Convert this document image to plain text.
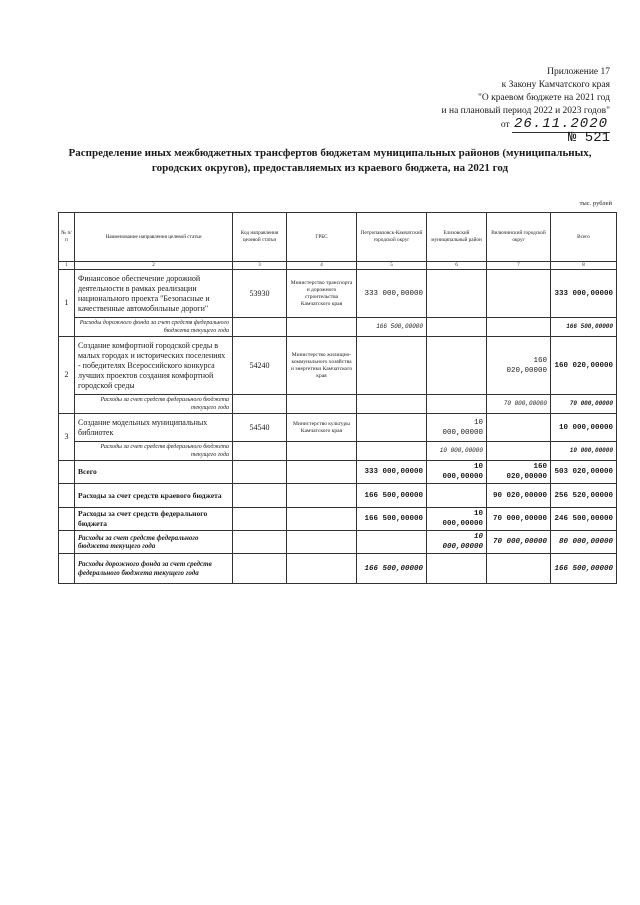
Приложение 17
к Закону Камчатского края
"О краевом бюджете на 2021 год
и на плановый период 2022 и 2023 годов"
от 26.11.2020
№ 521
Распределение иных межбюджетных трансфертов бюджетам муниципальных районов (муниципальных, городских округов), предоставляемых из краевого бюджета, на 2021 год
тыс. рублей
№ п/п	Наименование направления целевой статьи	Код направления целевой статьи	ГРБС	Петропавловск-Камчатский городской округ	Елизовский муниципальный район	Вилючинский городской округ	Всего
1	2	3	4	5	6	7	8
1	Финансовое обеспечение дорожной деятельности в рамках реализации национального проекта "Безопасные и качественные автомобильные дороги"	53930	Министерство транспорта и дорожного строительства Камчатского края	333 000,00000			333 000,00000
	Расходы дорожного фонда за счет средств федерального бюджета текущего года			166 500,00000			166 500,00000
2	Создание комфортной городской среды в малых городах и исторических поселениях - победителях Всероссийского конкурса лучших проектов создания комфортной городской среды	54240	Министерство жилищно-коммунального хозяйства и энергетики Камчатского края			160 020,00000	160 020,00000
	Расходы за счет средств федерального бюджета текущего года					70 000,00000	70 000,00000
3	Создание модельных муниципальных библиотек	54540	Министерство культуры Камчатского края		10 000,00000		10 000,00000
	Расходы за счет средств федерального бюджета текущего года				10 000,00000		10 000,00000
	Всего			333 000,00000	10 000,00000	160 020,00000	503 020,00000
	Расходы за счет средств краевого бюджета			166 500,00000		90 020,00000	256 520,00000
	Расходы за счет средств федерального бюджета			166 500,00000	10 000,00000	70 000,00000	246 500,00000
	Расходы за счет средств федерального бюджета текущего года				10 000,00000	70 000,00000	80 000,00000
	Расходы дорожного фонда за счет средств федерального бюджета текущего года			166 500,00000			166 500,00000
